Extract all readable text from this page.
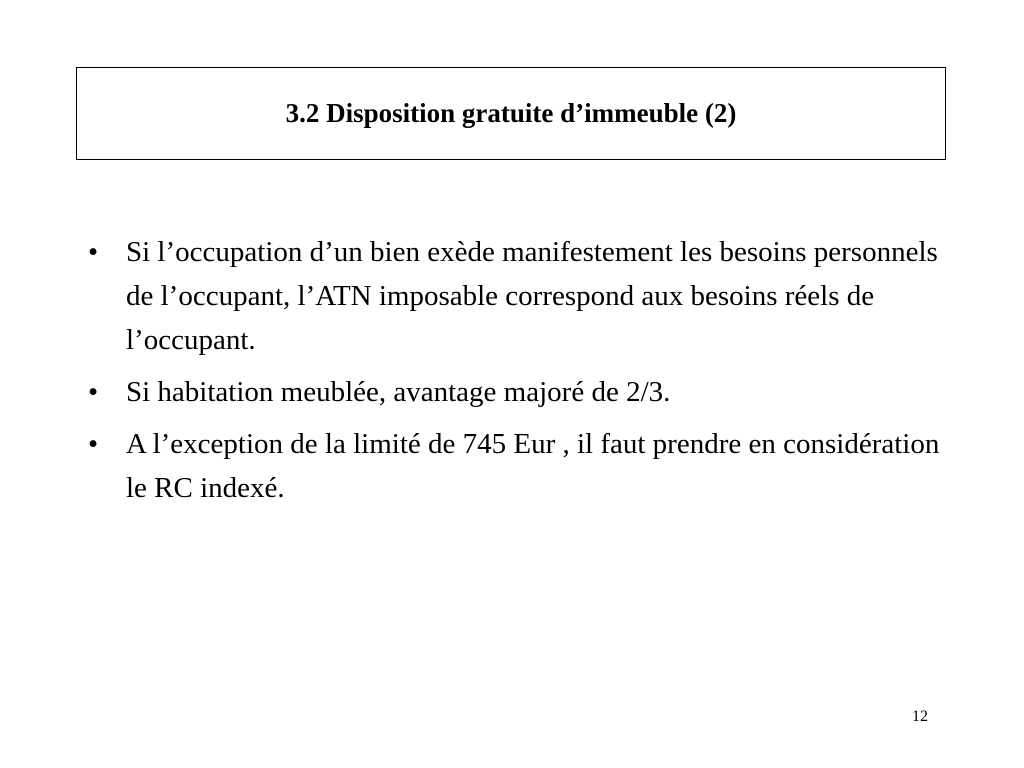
3.2 Disposition gratuite d’immeuble (2)
• Si l’occupation d’un bien exède manifestement les besoins personnels de l’occupant, l’ATN imposable correspond aux besoins réels de l’occupant.
• Si habitation meublée, avantage majoré de 2/3.
• A l’exception de la limité de 745 Eur , il faut prendre en considération le RC indexé.
12
